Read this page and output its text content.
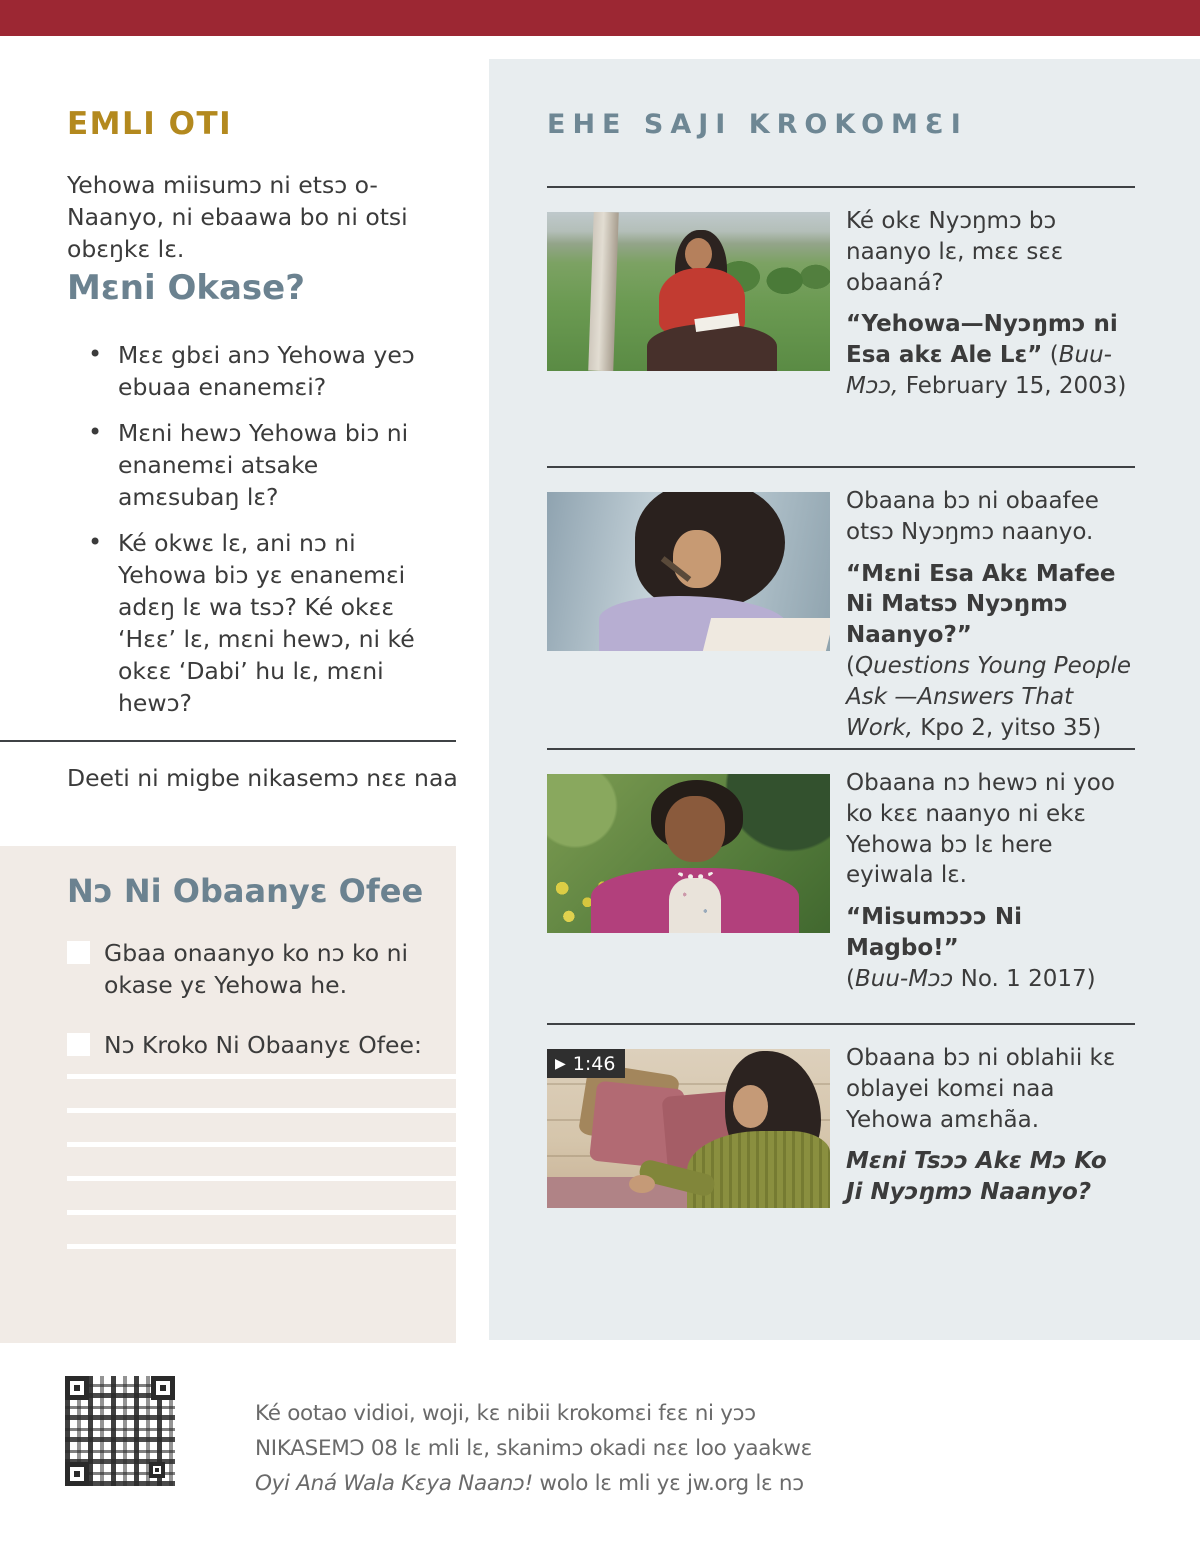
EMLI OTI
Yehowa miisumɔ ni etsɔ o-Naanyo, ni ebaawa bo ni otsi obɛŋkɛ lɛ.
Mɛni Okase?
• Mɛɛ gbɛi anɔ Yehowa yeɔ ebuaa enanemɛi?
• Mɛni hewɔ Yehowa biɔ ni enanemɛi atsake amɛsubaŋ lɛ?
• Ké okwɛ lɛ, ani nɔ ni Yehowa biɔ yɛ enanemɛi adɛŋ lɛ wa tsɔ? Ké okɛɛ ‘Hɛɛ’ lɛ, mɛni hewɔ, ni ké okɛɛ ‘Dabi’ hu lɛ, mɛni hewɔ?
Deeti ni migbe nikasemɔ nɛɛ naa
Nɔ Ni Obaanyɛ Ofee
Gbaa onaanyo ko nɔ ko ni okase yɛ Yehowa he.
Nɔ Kroko Ni Obaanyɛ Ofee:
EHE SAJI KROKOMƐI

Ké okɛ Nyɔŋmɔ bɔ naanyo lɛ, mɛɛ sɛɛ obaaná?

“Yehowa—Nyɔŋmɔ ni Esa akɛ Ale Lɛ” (Buu-Mɔɔ, February 15, 2003)

Obaana bɔ ni obaafee otsɔ Nyɔŋmɔ naanyo.

“Mɛni Esa Akɛ Mafee
Ni Matsɔ Nyɔŋmɔ Naanyo?”
(Questions Young People Ask —Answers That Work, Kpo 2, yitso 35)

Obaana nɔ hewɔ ni yoo ko kɛɛ naanyo ni ekɛ Yehowa bɔ lɛ here eyiwala lɛ.

“Misumɔɔɔ Ni Magbo!”
(Buu-Mɔɔ No. 1 2017)

▶ 1:46	Obaana bɔ ni oblahii kɛ oblayei komɛi naa Yehowa amɛhãa.

Mɛni Tsɔɔ Akɛ Mɔ Ko
Ji Nyɔŋmɔ Naanyo?

Ké ootao vidioi, woji, kɛ nibii krokomɛi fɛɛ ni yɔɔ
NIKASEMƆ 08 lɛ mli lɛ, skanimɔ okadi nɛɛ loo yaakwɛ
Oyi Aná Wala Kɛya Naanɔ! wolo lɛ mli yɛ jw.org lɛ nɔ
